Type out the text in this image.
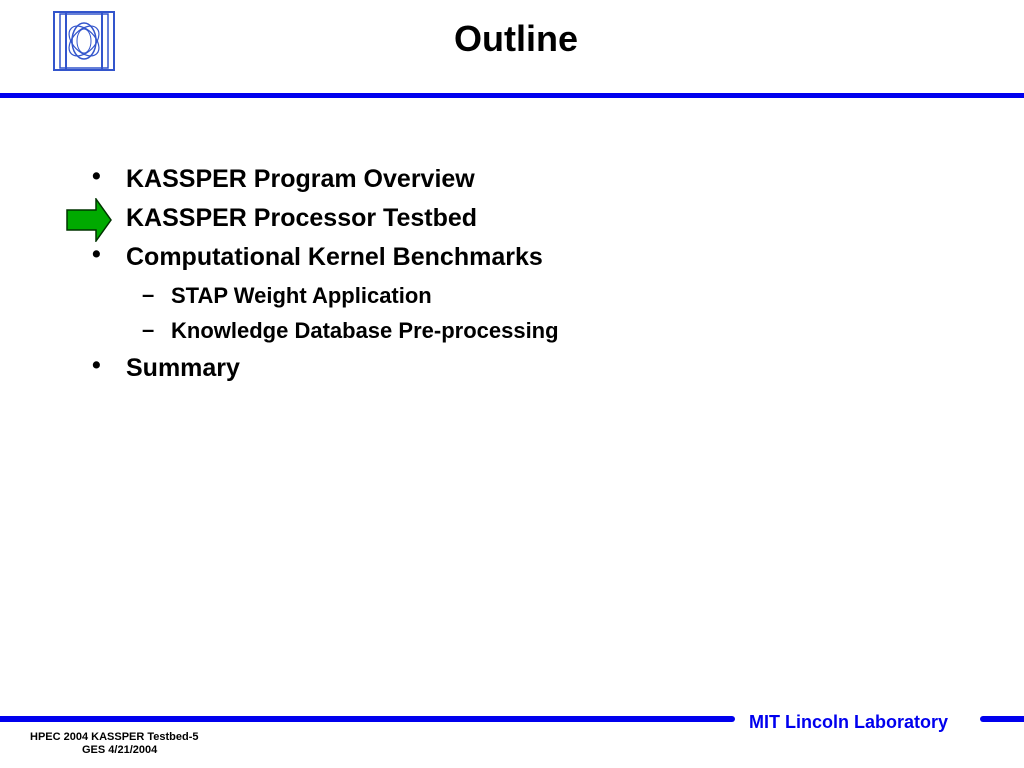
Outline
• KASSPER Program Overview
KASSPER Processor Testbed
• Computational Kernel Benchmarks
– STAP Weight Application
– Knowledge Database Pre-processing
• Summary
MIT Lincoln Laboratory
HPEC 2004 KASSPER Testbed-5
GES 4/21/2004
